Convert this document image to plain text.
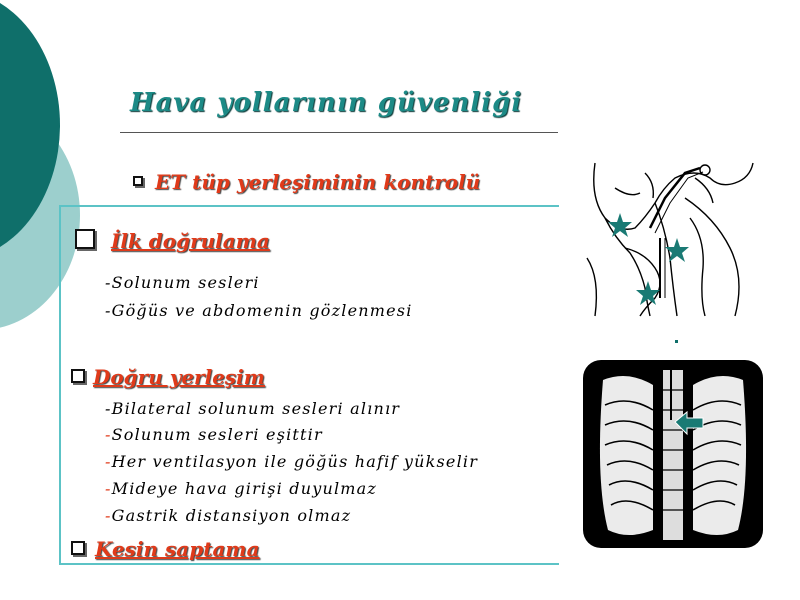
Hava yollarının güvenliği
ET tüp yerleşiminin kontrolü
İlk doğrulama

-Solunum sesleri

-Göğüs ve abdomenin gözlenmesi

Doğru yerleşim

-Bilateral solunum sesleri alınır

-Solunum sesleri eşittir

-Her ventilasyon ile göğüs hafif yükselir

-Mideye hava girişi duyulmaz

-Gastrik distansiyon olmaz

Kesin saptama
